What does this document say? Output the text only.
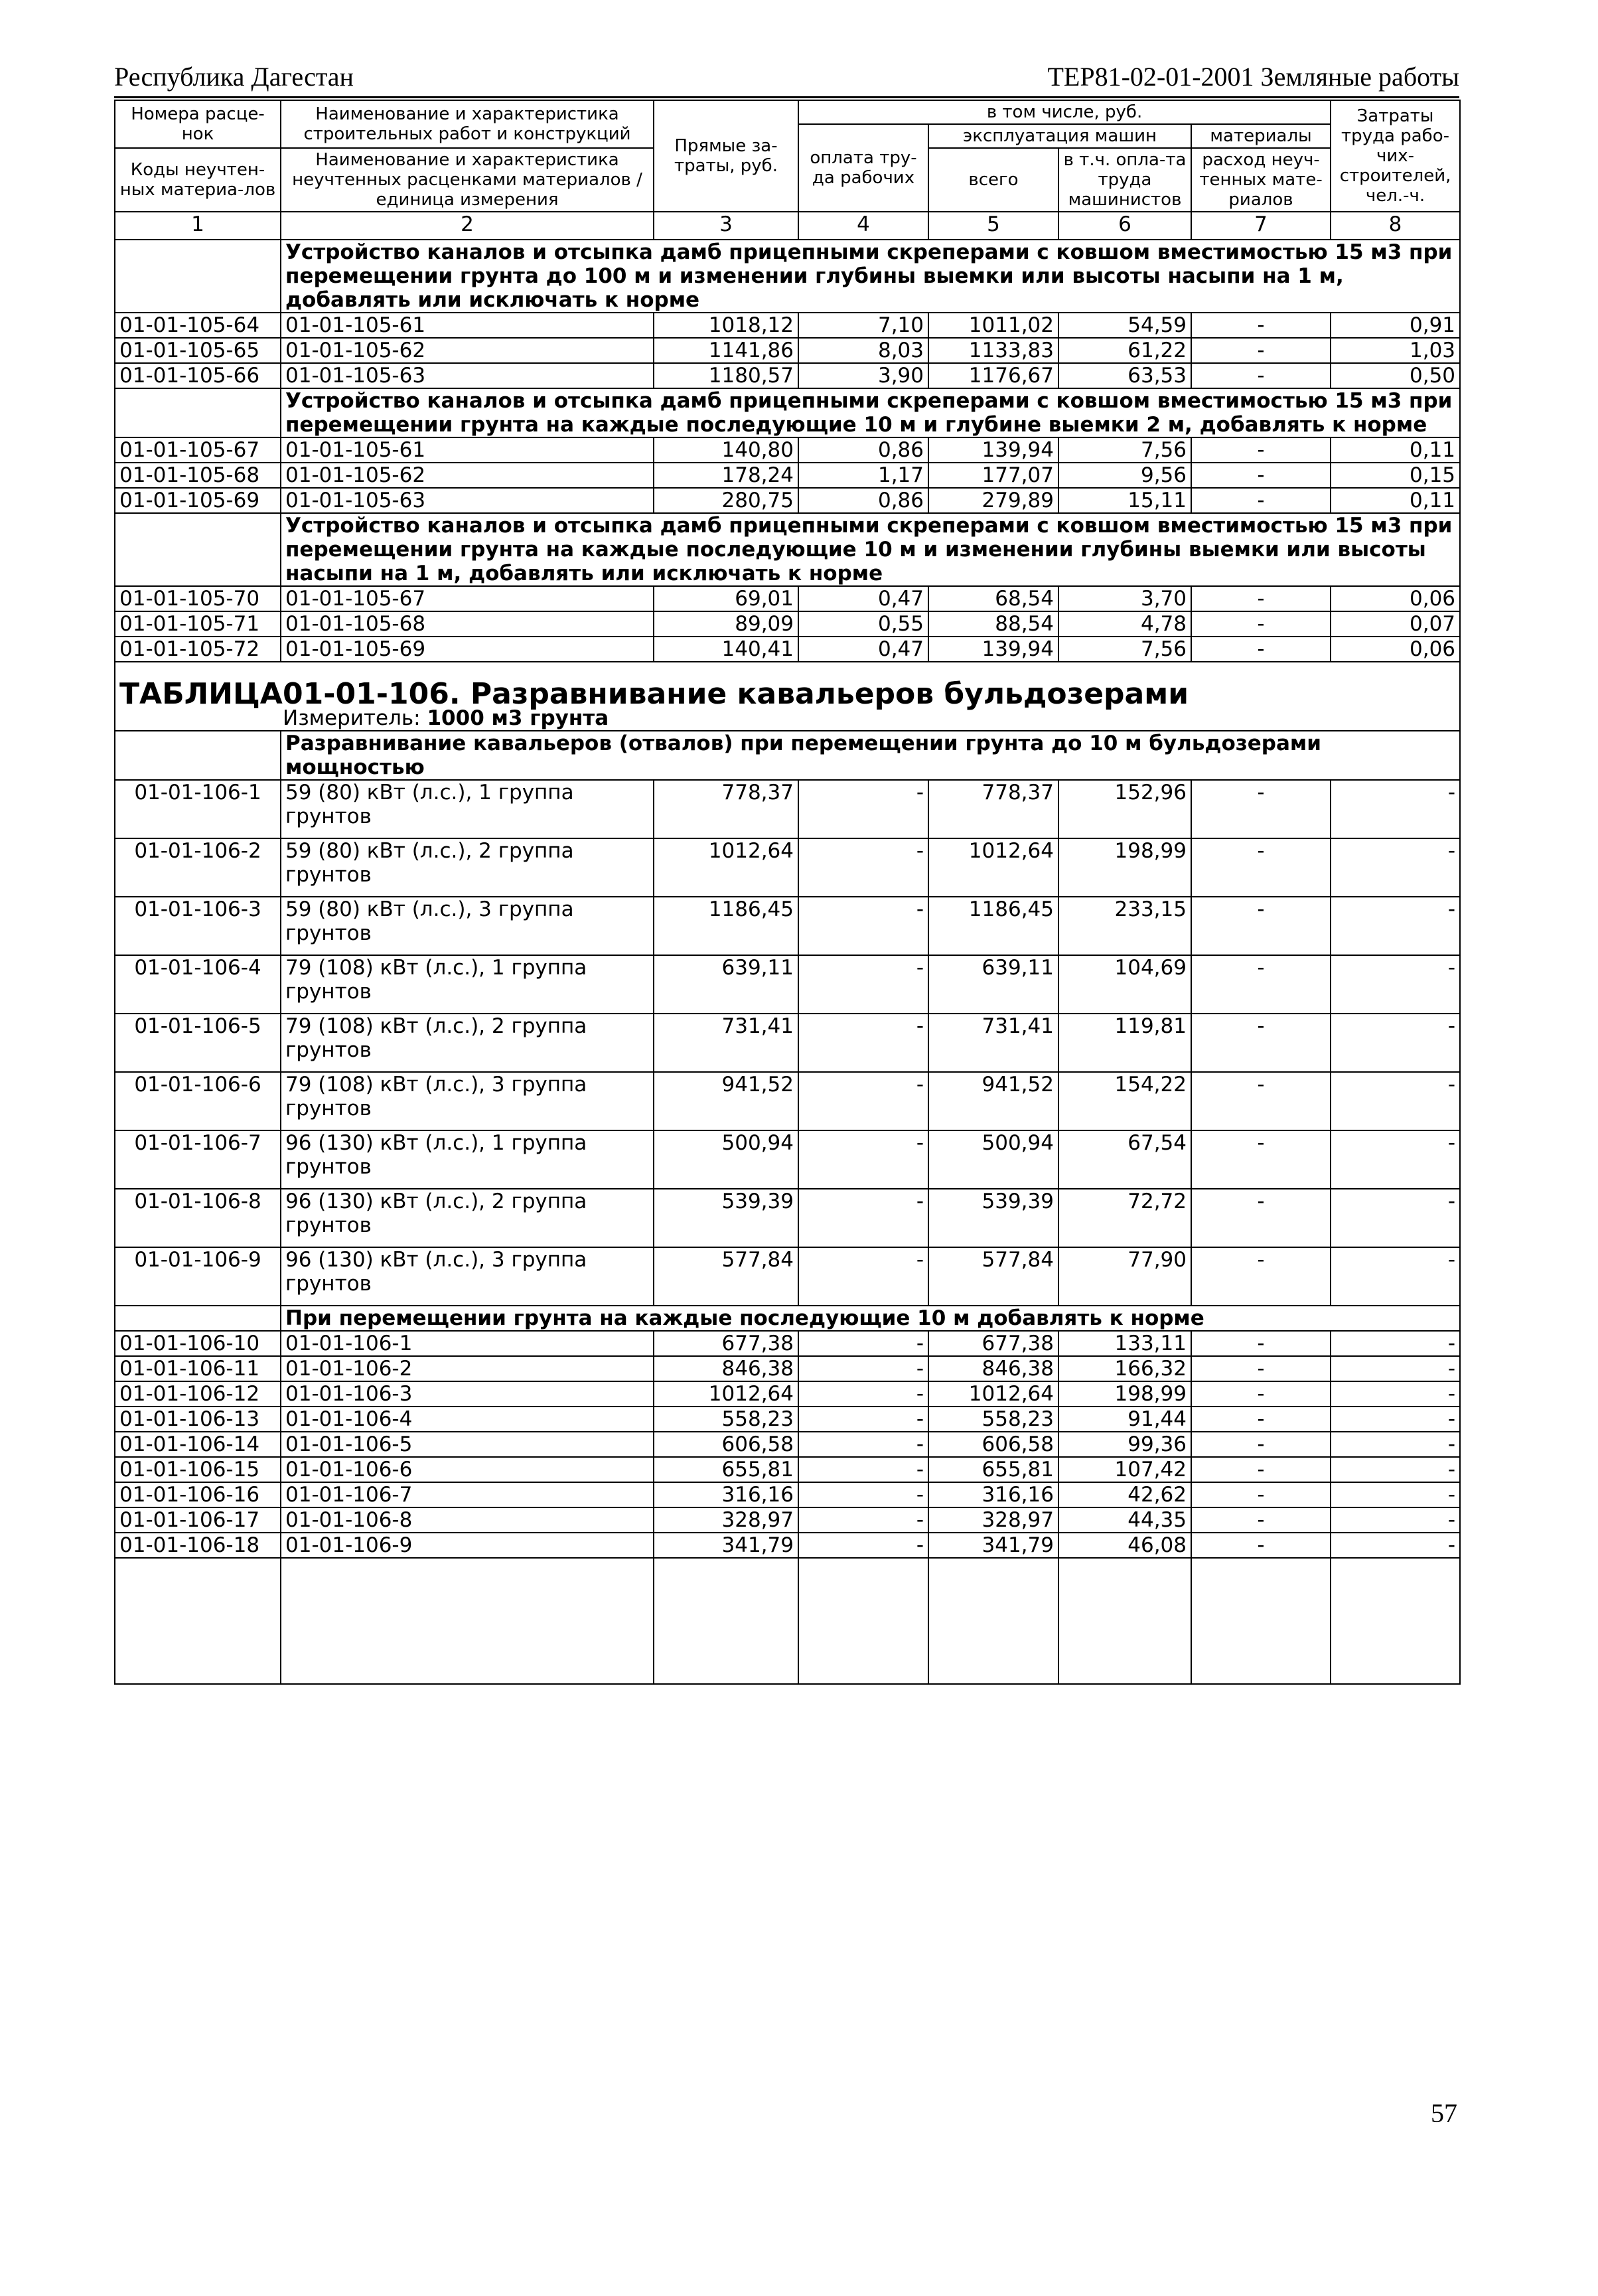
Республика Дагестан	ТЕР81-02-01-2001 Земляные работы
Номера расце-нок	Наименование и характеристика строительных работ и конструкций	Прямые за-траты, руб.	в том числе, руб.				Затраты труда рабо-чих-строителей, чел.-ч.
			оплата тру-да рабочих	эксплуатация машин		материалы	
Коды неучтен-ных материа-лов	Наименование и характеристика неучтенных расценками материалов / единица измерения			всего	в т.ч. опла-та труда машинистов	расход неуч-тенных мате-риалов	

1	2	3	4	5	6	7	8
	Устройство каналов и отсыпка дамб прицепными скреперами с ковшом вместимостью 15 м3 при перемещении грунта до 100 м и изменении глубины выемки или высоты насыпи на 1 м, добавлять или исключать к норме						
01-01-105-64	01-01-105-61	1018,12	7,10	1011,02	54,59	-	0,91
01-01-105-65	01-01-105-62	1141,86	8,03	1133,83	61,22	-	1,03
01-01-105-66	01-01-105-63	1180,57	3,90	1176,67	63,53	-	0,50
	Устройство каналов и отсыпка дамб прицепными скреперами с ковшом вместимостью 15 м3 при перемещении грунта на каждые последующие 10 м и глубине выемки 2 м, добавлять к норме						
01-01-105-67	01-01-105-61	140,80	0,86	139,94	7,56	-	0,11
01-01-105-68	01-01-105-62	178,24	1,17	177,07	9,56	-	0,15
01-01-105-69	01-01-105-63	280,75	0,86	279,89	15,11	-	0,11
	Устройство каналов и отсыпка дамб прицепными скреперами с ковшом вместимостью 15 м3 при перемещении грунта на каждые последующие 10 м и изменении глубины выемки или высоты насыпи на 1 м, добавлять или исключать к норме						
01-01-105-70	01-01-105-67	69,01	0,47	68,54	3,70	-	0,06
01-01-105-71	01-01-105-68	89,09	0,55	88,54	4,78	-	0,07
01-01-105-72	01-01-105-69	140,41	0,47	139,94	7,56	-	0,06
ТАБЛИЦА01-01-106. Разравнивание кавальеров бульдозерами
Измеритель: 1000 м3 грунта							

	Разравнивание кавальеров (отвалов) при перемещении грунта до 10 м бульдозерами мощностью						
01-01-106-1	59 (80) кВт (л.с.), 1 группа грунтов	778,37	-	778,37	152,96	-	-
01-01-106-2	59 (80) кВт (л.с.), 2 группа грунтов	1012,64	-	1012,64	198,99	-	-
01-01-106-3	59 (80) кВт (л.с.), 3 группа грунтов	1186,45	-	1186,45	233,15	-	-
01-01-106-4	79 (108) кВт (л.с.), 1 группа грунтов	639,11	-	639,11	104,69	-	-
01-01-106-5	79 (108) кВт (л.с.), 2 группа грунтов	731,41	-	731,41	119,81	-	-
01-01-106-6	79 (108) кВт (л.с.), 3 группа грунтов	941,52	-	941,52	154,22	-	-
01-01-106-7	96 (130) кВт (л.с.), 1 группа грунтов	500,94	-	500,94	67,54	-	-
01-01-106-8	96 (130) кВт (л.с.), 2 группа грунтов	539,39	-	539,39	72,72	-	-
01-01-106-9	96 (130) кВт (л.с.), 3 группа грунтов	577,84	-	577,84	77,90	-	-
	При перемещении грунта на каждые последующие 10 м добавлять к норме						
01-01-106-10	01-01-106-1	677,38	-	677,38	133,11	-	-
01-01-106-11	01-01-106-2	846,38	-	846,38	166,32	-	-
01-01-106-12	01-01-106-3	1012,64	-	1012,64	198,99	-	-
01-01-106-13	01-01-106-4	558,23	-	558,23	91,44	-	-
01-01-106-14	01-01-106-5	606,58	-	606,58	99,36	-	-
01-01-106-15	01-01-106-6	655,81	-	655,81	107,42	-	-
01-01-106-16	01-01-106-7	316,16	-	316,16	42,62	-	-
01-01-106-17	01-01-106-8	328,97	-	328,97	44,35	-	-
01-01-106-18	01-01-106-9	341,79	-	341,79	46,08	-	-

57
